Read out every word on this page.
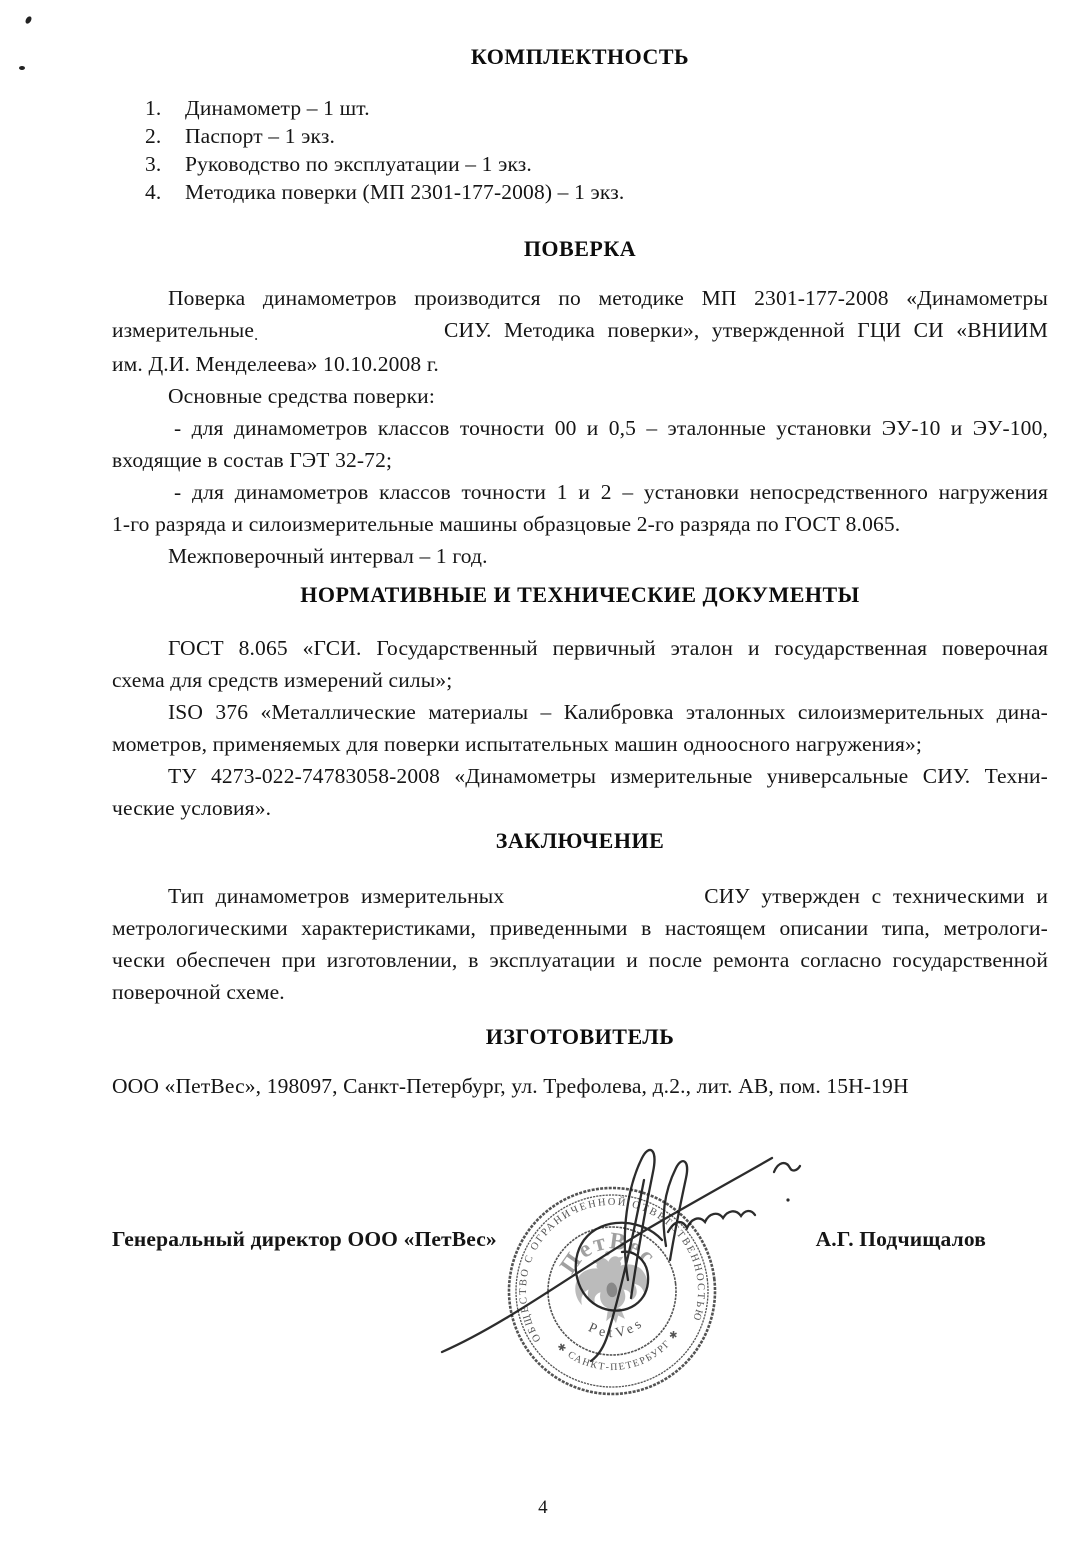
КОМПЛЕКТНОСТЬ
1. Динамометр – 1 шт.
2. Паспорт – 1 экз.
3. Руководство по эксплуатации – 1 экз.
4. Методика поверки (МП 2301-177-2008) – 1 экз.
ПОВЕРКА
Поверка динамометров производится по методике МП 2301-177-2008 «Динамометры
измерительные.	СИУ. Методика поверки», утвержденной ГЦИ СИ «ВНИИМ
им. Д.И. Менделеева» 10.10.2008 г.
Основные средства поверки:
- для динамометров классов точности 00 и 0,5 – эталонные установки ЭУ-10 и ЭУ-100,
входящие в состав ГЭТ 32-72;
- для динамометров классов точности 1 и 2 – установки непосредственного нагружения
1-го разряда и силоизмерительные машины образцовые 2-го разряда по ГОСТ 8.065.
Межповерочный интервал – 1 год.
НОРМАТИВНЫЕ И ТЕХНИЧЕСКИЕ ДОКУМЕНТЫ
ГОСТ 8.065 «ГСИ. Государственный первичный эталон и государственная поверочная
схема для средств измерений силы»;
ISO 376 «Металлические материалы – Калибровка эталонных силоизмерительных дина-
мометров, применяемых для поверки испытательных машин одноосного нагружения»;
ТУ 4273-022-74783058-2008 «Динамометры измерительные универсальные СИУ. Техни-
ческие условия».
ЗАКЛЮЧЕНИЕ
Тип динамометров измерительных	СИУ утвержден с техническими и
метрологическими характеристиками, приведенными в настоящем описании типа, метрологи-
чески обеспечен при изготовлении, в эксплуатации и после ремонта согласно государственной
поверочной схеме.
ИЗГОТОВИТЕЛЬ
ООО «ПетВес», 198097, Санкт-Петербург, ул. Трефолева, д.2., лит. АВ, пом. 15Н-19Н
Генеральный директор ООО «ПетВес»	А.Г. Подчищалов
ОБЩЕСТВО С ОГРАНИЧЕННОЙ ОТВЕТСТВЕННОСТЬЮ
✱ САНКТ-ПЕТЕРБУРГ ✱
ПетВес
PetVes
4
